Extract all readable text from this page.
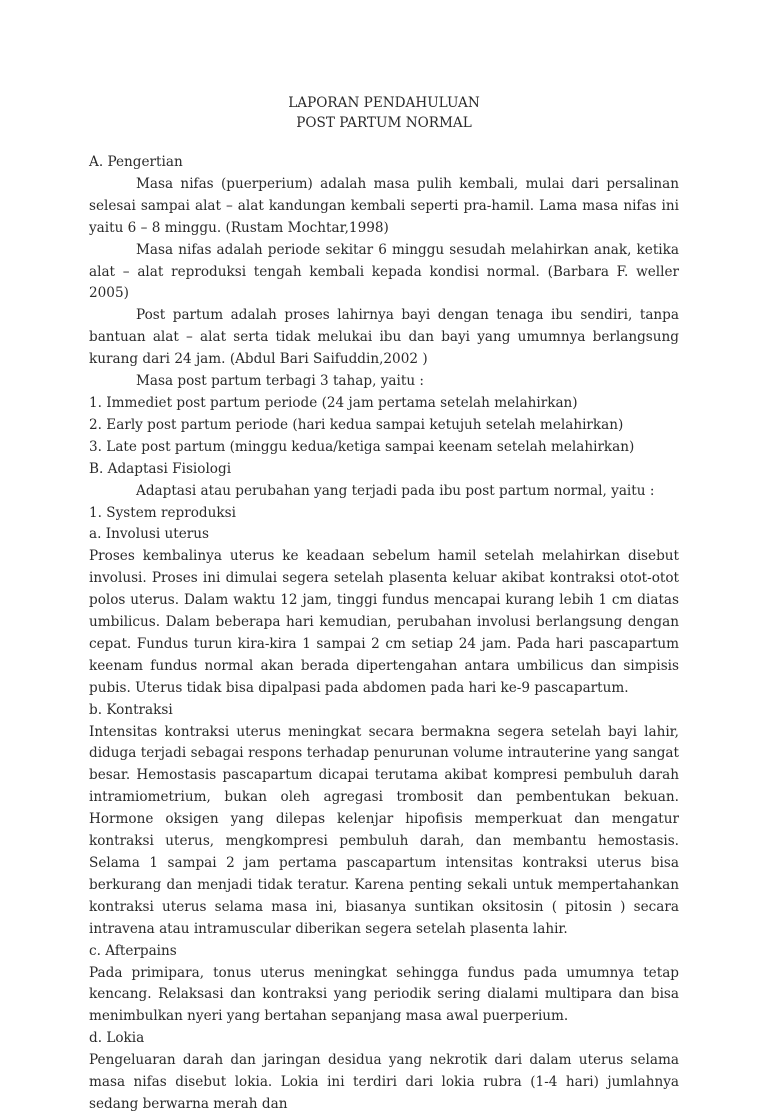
LAPORAN PENDAHULUAN

POST PARTUM NORMAL

A. Pengertian

Masa nifas (puerperium) adalah masa pulih kembali, mulai dari persalinan selesai sampai alat – alat kandungan kembali seperti pra-hamil. Lama masa nifas ini yaitu 6 – 8 minggu. (Rustam Mochtar,1998)

Masa nifas adalah periode sekitar 6 minggu sesudah melahirkan anak, ketika alat – alat reproduksi tengah kembali kepada kondisi normal. (Barbara F. weller 2005)

Post partum adalah proses lahirnya bayi dengan tenaga ibu sendiri, tanpa bantuan alat – alat serta tidak melukai ibu dan bayi yang umumnya berlangsung kurang dari 24 jam. (Abdul Bari Saifuddin,2002 )

Masa post partum terbagi 3 tahap, yaitu :

1. Immediet post partum periode (24 jam pertama setelah melahirkan)

2. Early post partum periode (hari kedua sampai ketujuh setelah melahirkan)

3. Late post partum (minggu kedua/ketiga sampai keenam setelah melahirkan)

B. Adaptasi Fisiologi

Adaptasi atau perubahan yang terjadi pada ibu post partum normal, yaitu :

1. System reproduksi

a. Involusi uterus

Proses kembalinya uterus ke keadaan sebelum hamil setelah melahirkan disebut involusi. Proses ini dimulai segera setelah plasenta keluar akibat kontraksi otot-otot polos uterus. Dalam waktu 12 jam, tinggi fundus mencapai kurang lebih 1 cm diatas umbilicus. Dalam beberapa hari kemudian, perubahan involusi berlangsung dengan cepat. Fundus turun kira-kira 1 sampai 2 cm setiap 24 jam. Pada hari pascapartum keenam fundus normal akan berada dipertengahan antara umbilicus dan simpisis pubis. Uterus tidak bisa dipalpasi pada abdomen pada hari ke-9 pascapartum.

b. Kontraksi

Intensitas kontraksi uterus meningkat secara bermakna segera setelah bayi lahir, diduga terjadi sebagai respons terhadap penurunan volume intrauterine yang sangat besar. Hemostasis pascapartum dicapai terutama akibat kompresi pembuluh darah intramiometrium, bukan oleh agregasi trombosit dan pembentukan bekuan. Hormone oksigen yang dilepas kelenjar hipofisis memperkuat dan mengatur kontraksi uterus, mengkompresi pembuluh darah, dan membantu hemostasis. Selama 1 sampai 2 jam pertama pascapartum intensitas kontraksi uterus bisa berkurang dan menjadi tidak teratur. Karena penting sekali untuk mempertahankan kontraksi uterus selama masa ini, biasanya suntikan oksitosin ( pitosin ) secara intravena atau intramuscular diberikan segera setelah plasenta lahir.

c. Afterpains

Pada primipara, tonus uterus meningkat sehingga fundus pada umumnya tetap kencang. Relaksasi dan kontraksi yang periodik sering dialami multipara dan bisa menimbulkan nyeri yang bertahan sepanjang masa awal puerperium.

d. Lokia

Pengeluaran darah dan jaringan desidua yang nekrotik dari dalam uterus selama masa nifas disebut lokia. Lokia ini terdiri dari lokia rubra (1-4 hari) jumlahnya sedang berwarna merah dan
